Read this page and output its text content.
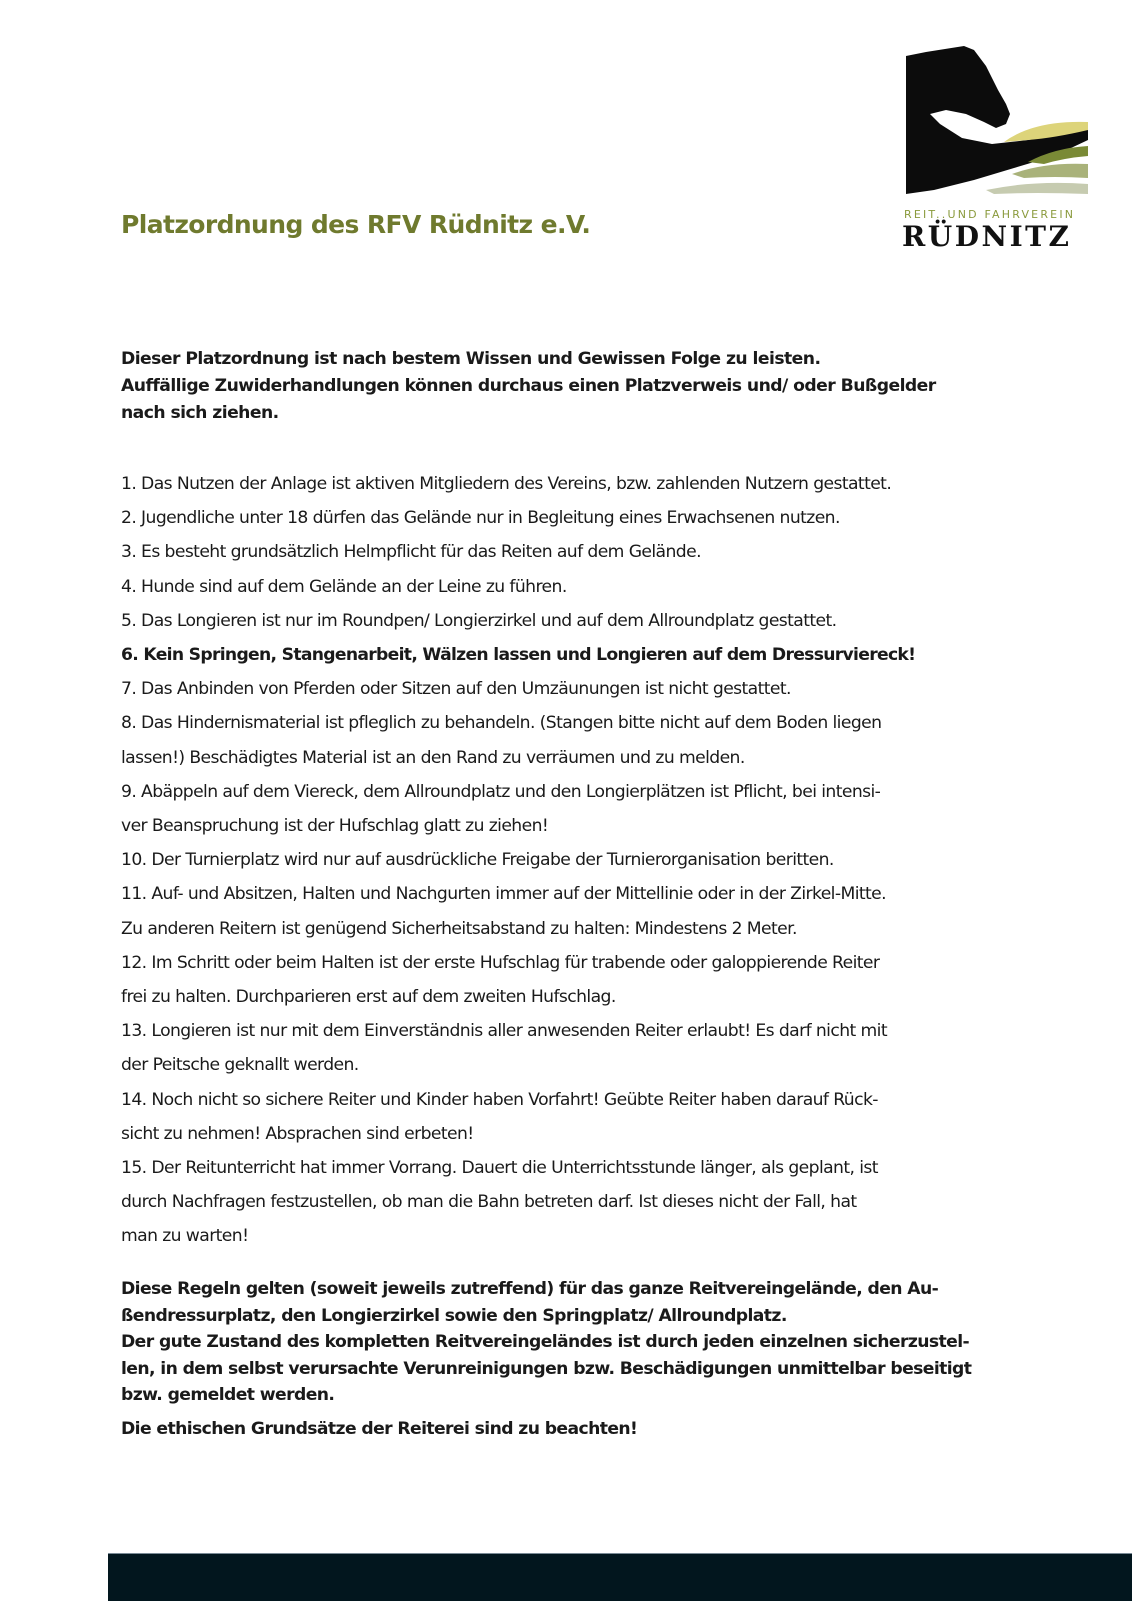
REIT..UND FAHRVEREIN
RÜDNITZ
Platzordnung des RFV Rüdnitz e.V.

Dieser Platzordnung ist nach bestem Wissen und Gewissen Folge zu leisten.

Auffällige Zuwiderhandlungen können durchaus einen Platzverweis und/ oder Bußgelder

nach sich ziehen.

1. Das Nutzen der Anlage ist aktiven Mitgliedern des Vereins, bzw. zahlenden Nutzern gestattet.
2. Jugendliche unter 18 dürfen das Gelände nur in Begleitung eines Erwachsenen nutzen.
3. Es besteht grundsätzlich Helmpflicht für das Reiten auf dem Gelände.
4. Hunde sind auf dem Gelände an der Leine zu führen.
5. Das Longieren ist nur im Roundpen/ Longierzirkel und auf dem Allroundplatz gestattet.
6. Kein Springen, Stangenarbeit, Wälzen lassen und Longieren auf dem Dressurviereck!
7. Das Anbinden von Pferden oder Sitzen auf den Umzäunungen ist nicht gestattet.
8. Das Hindernismaterial ist pfleglich zu behandeln. (Stangen bitte nicht auf dem Boden liegen
lassen!) Beschädigtes Material ist an den Rand zu verräumen und zu melden.
9. Abäppeln auf dem Viereck, dem Allroundplatz und den Longierplätzen ist Pflicht, bei intensi-
ver Beanspruchung ist der Hufschlag glatt zu ziehen!
10. Der Turnierplatz wird nur auf ausdrückliche Freigabe der Turnierorganisation beritten.
11. Auf- und Absitzen, Halten und Nachgurten immer auf der Mittellinie oder in der Zirkel-Mitte.
Zu anderen Reitern ist genügend Sicherheitsabstand zu halten: Mindestens 2 Meter.
12. Im Schritt oder beim Halten ist der erste Hufschlag für trabende oder galoppierende Reiter
frei zu halten. Durchparieren erst auf dem zweiten Hufschlag.
13. Longieren ist nur mit dem Einverständnis aller anwesenden Reiter erlaubt! Es darf nicht mit
der Peitsche geknallt werden.
14. Noch nicht so sichere Reiter und Kinder haben Vorfahrt! Geübte Reiter haben darauf Rück-
sicht zu nehmen! Absprachen sind erbeten!
15. Der Reitunterricht hat immer Vorrang. Dauert die Unterrichtsstunde länger, als geplant, ist
durch Nachfragen festzustellen, ob man die Bahn betreten darf. Ist dieses nicht der Fall, hat
man zu warten!

Diese Regeln gelten (soweit jeweils zutreffend) für das ganze Reitvereingelände, den Au-
ßendressurplatz, den Longierzirkel sowie den Springplatz/ Allroundplatz.

Der gute Zustand des kompletten Reitvereingeländes ist durch jeden einzelnen sicherzustel-
len, in dem selbst verursachte Verunreinigungen bzw. Beschädigungen unmittelbar beseitigt
bzw. gemeldet werden.

Die ethischen Grundsätze der Reiterei sind zu beachten!
